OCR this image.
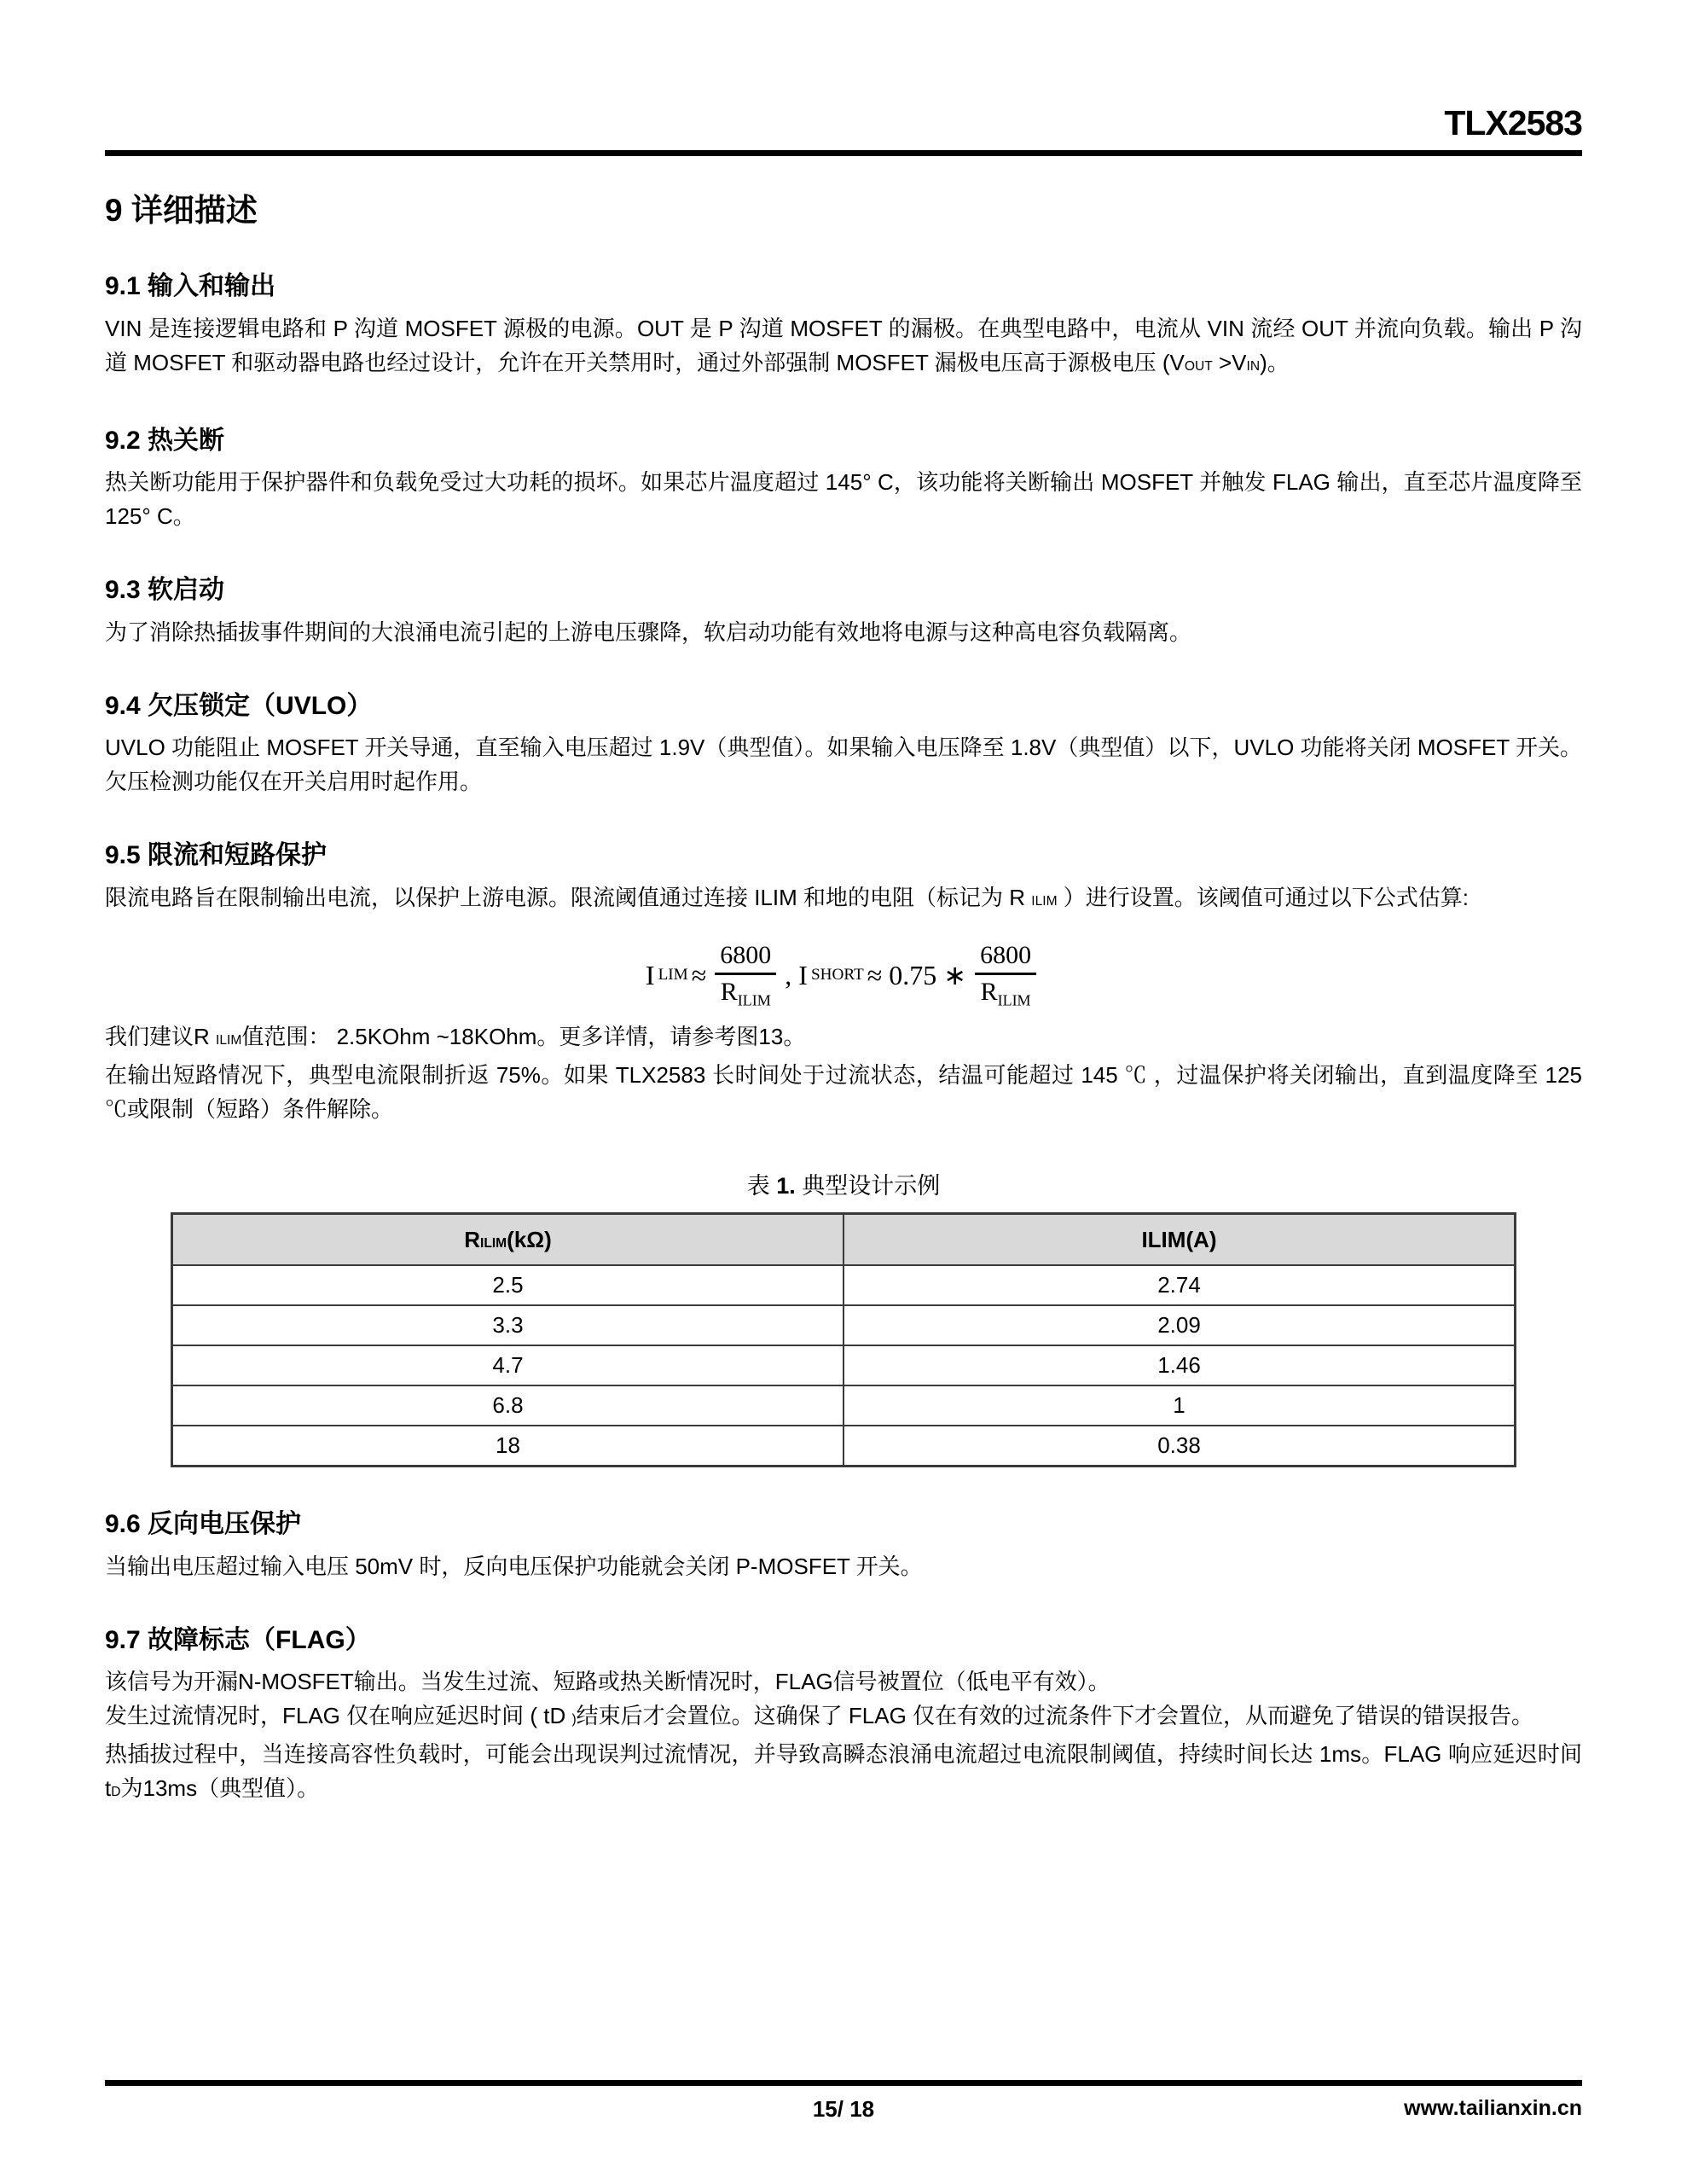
TLX2583
9 详细描述
9.1 输入和输出

VIN 是连接逻辑电路和 P 沟道 MOSFET 源极的电源。OUT 是 P 沟道 MOSFET 的漏极。在典型电路中，电流从 VIN 流经 OUT 并流向负载。输出 P 沟道 MOSFET 和驱动器电路也经过设计，允许在开关禁用时，通过外部强制 MOSFET 漏极电压高于源极电压 (VOUT >VIN)。

9.2 热关断

热关断功能用于保护器件和负载免受过大功耗的损坏。如果芯片温度超过 145° C，该功能将关断输出 MOSFET 并触发 FLAG 输出，直至芯片温度降至 125° C。

9.3 软启动

为了消除热插拔事件期间的大浪涌电流引起的上游电压骤降，软启动功能有效地将电源与这种高电容负载隔离。

9.4 欠压锁定（UVLO）

UVLO 功能阻止 MOSFET 开关导通，直至输入电压超过 1.9V（典型值）。如果输入电压降至 1.8V（典型值）以下，UVLO 功能将关闭 MOSFET 开关。欠压检测功能仅在开关启用时起作用。

9.5 限流和短路保护

限流电路旨在限制输出电流，以保护上游电源。限流阈值通过连接 ILIM 和地的电阻（标记为 R ILIM ）进行设置。该阈值可通过以下公式估算:

I LIM ≈ $\frac{6800}{R_{ILIM}}$ , I SHORT ≈ 0.75 ∗ $\frac{6800}{R_{ILIM}}$

我们建议R ILIM值范围： 2.5KOhm ~18KOhm。更多详情，请参考图13。

在输出短路情况下，典型电流限制折返 75%。如果 TLX2583 长时间处于过流状态，结温可能超过 145 ℃ ，过温保护将关闭输出，直到温度降至 125 ℃或限制（短路）条件解除。

表 1. 典型设计示例
RILIM(kΩ)	ILIM(A)
2.5	2.74
3.3	2.09
4.7	1.46
6.8	1
18	0.38
9.6 反向电压保护

当输出电压超过输入电压 50mV 时，反向电压保护功能就会关闭 P-MOSFET 开关。

9.7 故障标志（FLAG）

该信号为开漏N-MOSFET输出。当发生过流、短路或热关断情况时，FLAG信号被置位（低电平有效）。

发生过流情况时，FLAG 仅在响应延迟时间 ( tD )结束后才会置位。这确保了 FLAG 仅在有效的过流条件下才会置位，从而避免了错误的错误报告。

热插拔过程中，当连接高容性负载时，可能会出现误判过流情况，并导致高瞬态浪涌电流超过电流限制阈值，持续时间长达 1ms。FLAG 响应延迟时间tD为13ms（典型值）。

15/ 18	www.tailianxin.cn
